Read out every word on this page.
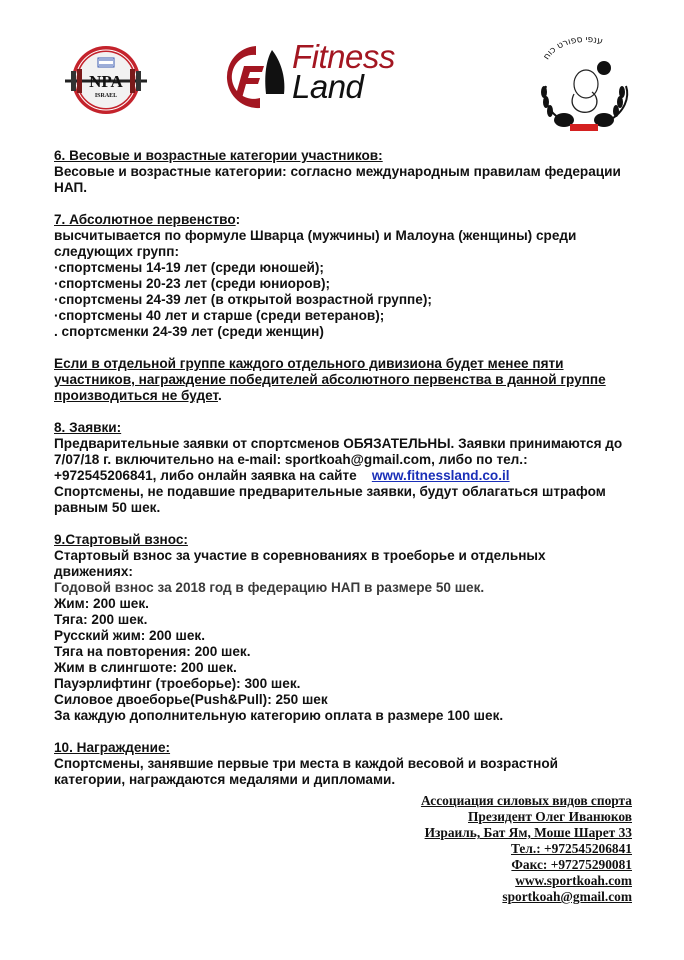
NPA
ISRAEL
Fitness
Land
ענפי ספורט כוח

6. Весовые и возрастные категории участников:

Весовые и возрастные категории: согласно международным правилам федерации

НАП.

7. Абсолютное первенство:

высчитывается по формуле Шварца (мужчины) и Малоуна (женщины) среди

следующих групп:

·спортсмены 14-19 лет (среди юношей);

·спортсмены 20-23 лет (среди юниоров);

·спортсмены 24-39 лет (в открытой возрастной группе);

·спортсмены 40 лет и старше (среди ветеранов);

. спортсменки 24-39 лет (среди женщин)

Если в отдельной группе каждого отдельного дивизиона будет менее пяти

участников, награждение победителей абсолютного первенства в данной группе

производиться не будет.

8. Заявки:

Предварительные заявки от спортсменов ОБЯЗАТЕЛЬНЫ. Заявки принимаются до

7/07/18 г. включительно на e-mail: sportkoah@gmail.com, либо по тел.:

+972545206841, либо онлайн заявка на сайте www.fitnessland.co.il

Спортсмены, не подавшие предварительные заявки, будут облагаться штрафом

равным 50 шек.

9.Стартовый взнос:

Стартовый взнос за участие в соревнованиях в троеборье и отдельных

движениях:

Годовой взнос за 2018 год в федерацию НАП в размере 50 шек.

Жим: 200 шек.

Тяга: 200 шек.

Русский жим: 200 шек.

Тяга на повторения: 200 шек.

Жим в слингшоте: 200 шек.

Пауэрлифтинг (троеборье): 300 шек.

Силовое двоеборье(Push&Pull): 250 шек

За каждую дополнительную категорию оплата в размере 100 шек.

10. Награждение:

Спортсмены, занявшие первые три места в каждой весовой и возрастной

категории, награждаются медалями и дипломами.

Ассоциация силовых видов спорта
Президент Олег Иванюков
Израиль, Бат Ям, Моше Шарет 33
Тел.: +972545206841
Факс: +97275290081
www.sportkoah.com
sportkoah@gmail.com
